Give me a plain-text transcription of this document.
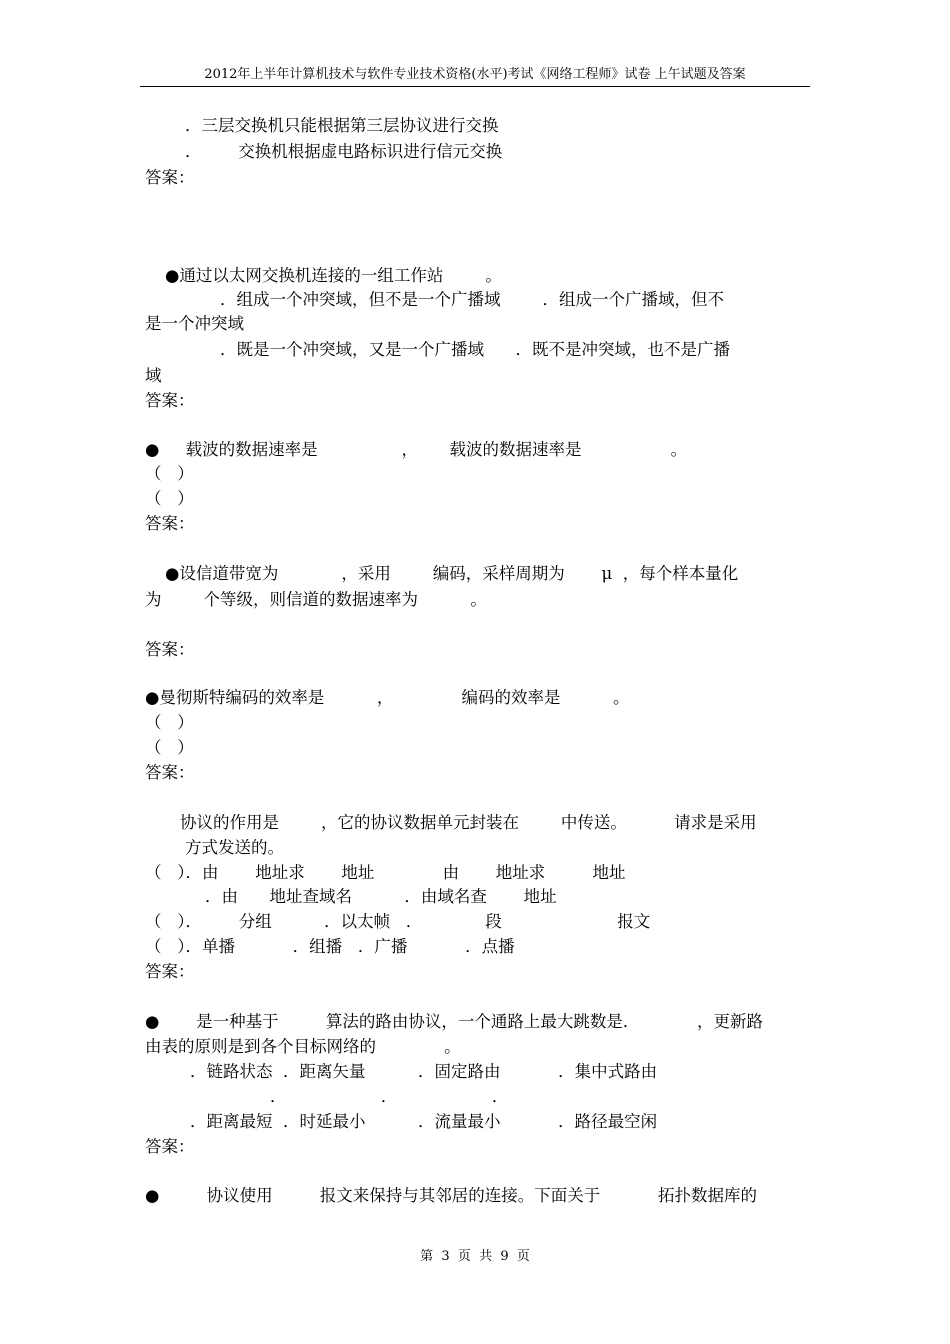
2012年上半年计算机技术与软件专业技术资格(水平)考试《网络工程师》试卷 上午试题及答案
．三层交换机只能根据第三层协议进行交换
．       交换机根据虚电路标识进行信元交换
答案：
●通过以太网交换机连接的一组工作站        。
．组成一个冲突域，但不是一个广播域        ．组成一个广播域，但不
是一个冲突域
．既是一个冲突域，又是一个广播域      ．既不是冲突域，也不是广播
域
答案：
●     载波的数据速率是                ，      载波的数据速率是                 。
（   ）
（   ）
答案：
●设信道带宽为            ，采用        编码，采样周期为       μ  ，每个样本量化
为        个等级，则信道的数据速率为          。
答案：
●曼彻斯特编码的效率是          ，             编码的效率是          。
（   ）
（   ）
答案：
协议的作用是        ，它的协议数据单元封装在        中传送。         请求是采用
方式发送的。
（   ）．由       地址求       地址             由       地址求         地址
．由      地址查域名          ．由域名查       地址
（   ）．       分组          ．以太帧   ．            段                      报文
（   ）．单播           ．组播   ．广播           ．点播
答案：
●       是一种基于         算法的路由协议，一个通路上最大跳数是．           ，更新路
由表的原则是到各个目标网络的             。
．链路状态  ．距离矢量          ．固定路由           ．集中式路由
．                  ．                  ．
．距离最短  ．时延最小          ．流量最小           ．路径最空闲
答案：
●         协议使用         报文来保持与其邻居的连接。下面关于           拓扑数据库的
第  3  页  共  9  页
